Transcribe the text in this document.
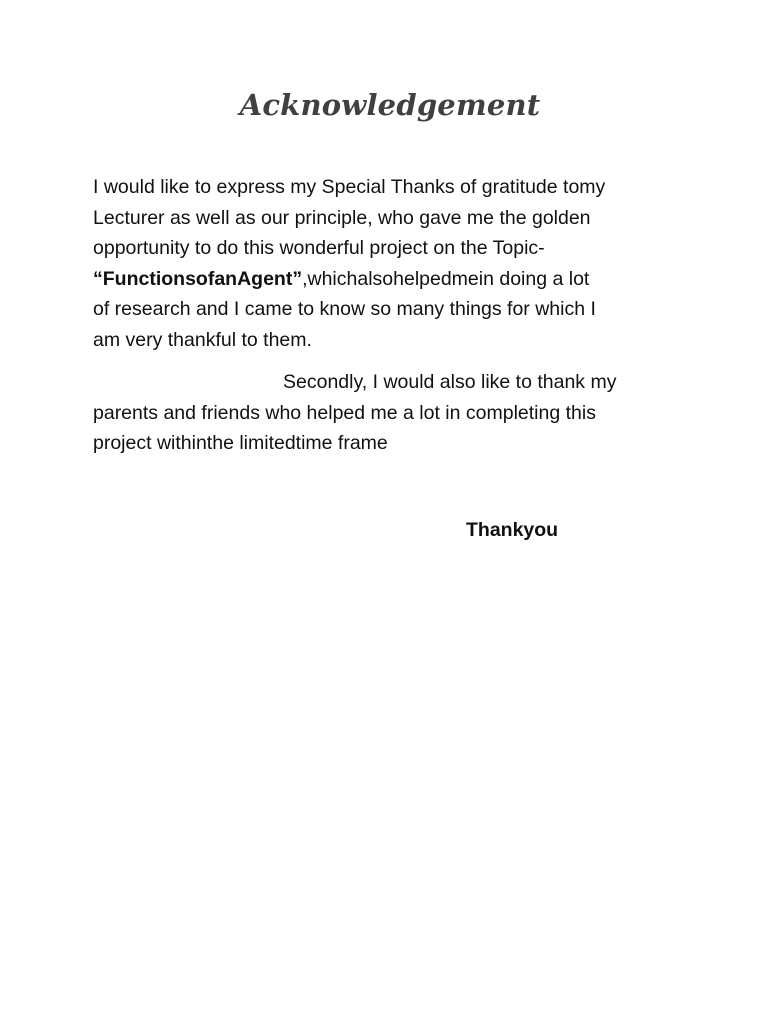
Acknowledgement
I would like to express my Special Thanks of gratitude tomy
Lecturer as well as our principle, who gave me the golden
opportunity to do this wonderful project on the Topic-
“FunctionsofanAgent”,whichalsohelpedmein doing a lot
of research and I came to know so many things for which I
am very thankful to them.
Secondly, I would also like to thank my
parents and friends who helped me a lot in completing this
project withinthe limitedtime frame
Thankyou
